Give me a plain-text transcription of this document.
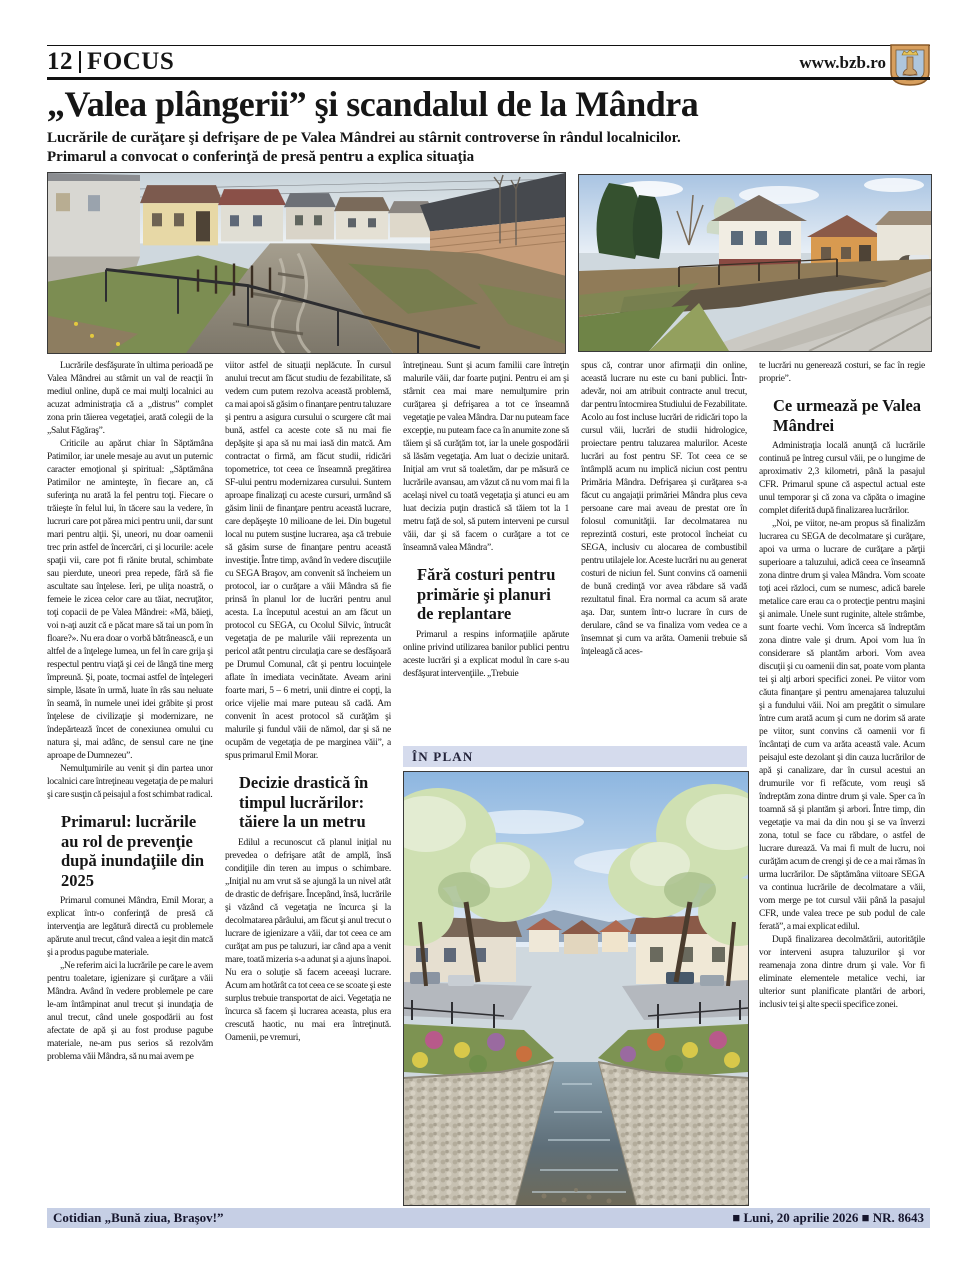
12 FOCUS	www.bzb.ro
„Valea plângerii” şi scandalul de la Mândra
Lucrările de curăţare şi defrişare de pe Valea Mândrei au stârnit controverse în rândul localnicilor.
Primarul a convocat o conferinţă de presă pentru a explica situaţia

Lucrările desfăşurate în ultima perioadă pe Valea Mândrei au stârnit un val de reacţii în mediul online, după ce mai mulţi localnici au acuzat administraţia că a „distrus” complet zona prin tăierea vegetaţiei, arată colegii de la „Salut Făgăraş”.

Criticile au apărut chiar în Săptămâna Patimilor, iar unele mesaje au avut un puternic caracter emoţional şi spiritual: „Săptămâna Patimilor ne aminteşte, în fiecare an, că suferinţa nu arată la fel pentru toţi. Fiecare o trăieşte în felul lui, în tăcere sau la vedere, în lucruri care pot părea mici pentru unii, dar sunt mari pentru alţii. Şi, uneori, nu doar oamenii trec prin astfel de încercări, ci şi locurile: acele spaţii vii, care pot fi rănite brutal, schimbate sau pierdute, uneori prea repede, fără să fie ascultate sau înţelese. Ieri, pe uliţa noastră, o femeie le zicea celor care au tăiat, necruţător, toţi copacii de pe Valea Mândrei: «Mă, băieţi, voi n-aţi auzit că e păcat mare să tai un pom în floare?». Nu era doar o vorbă bătrânească, e un altfel de a înţelege lumea, un fel în care grija şi respectul pentru viaţă şi cei de lângă tine merg împreună. Şi, poate, tocmai astfel de înţelegeri simple, lăsate în urmă, luate în râs sau neluate în seamă, în numele unei idei grăbite şi prost înţelese de civilizaţie şi modernizare, ne îndepărtează încet de conexiunea omului cu natura şi, mai adânc, de sensul care ne ţine aproape de Dumnezeu”.

Nemulţumirile au venit şi din partea unor localnici care întreţineau vegetaţia de pe maluri şi care susţin că peisajul a fost schimbat radical.

Primarul: lucrările au rol de prevenţie după inundaţiile din 2025

Primarul comunei Mândra, Emil Morar, a explicat într-o conferinţă de presă că intervenţia are legătură directă cu problemele apărute anul trecut, când valea a ieşit din matcă şi a produs pagube materiale.

„Ne referim aici la lucrările pe care le avem pentru toaletare, igienizare şi curăţare a văii Mândra. Având în vedere problemele pe care le-am întâmpinat anul trecut şi inundaţia de anul trecut, când unele gospodării au fost afectate de apă şi au fost produse pagube materiale, ne-am pus serios să rezolvăm problema văii Mândra, să nu mai avem pe

viitor astfel de situaţii neplăcute. În cursul anului trecut am făcut studiu de fezabilitate, să vedem cum putem rezolva această problemă, ca mai apoi să găsim o finanţare pentru taluzare şi pentru a asigura cursului o scurgere cât mai bună, astfel ca aceste cote să nu mai fie depăşite şi apa să nu mai iasă din matcă. Am contractat o firmă, am făcut studii, ridicări topometrice, tot ceea ce înseamnă pregătirea SF-ului pentru modernizarea cursului. Suntem aproape finalizaţi cu aceste cursuri, urmând să găsim linii de finanţare pentru această lucrare, care depăşeşte 10 milioane de lei. Din bugetul local nu putem susţine lucrarea, aşa că trebuie să găsim surse de finanţare pentru această investiţie. Între timp, având în vedere discuţiile cu SEGA Braşov, am convenit să încheiem un protocol, iar o curăţare a văii Mândra să fie prinsă în planul lor de lucrări pentru anul acesta. La începutul acestui an am făcut un protocol cu SEGA, cu Ocolul Silvic, întrucât vegetaţia de pe malurile văii reprezenta un pericol atât pentru circulaţia care se desfăşoară pe Drumul Comunal, cât şi pentru locuinţele aflate în imediata vecinătate. Aveam arini foarte mari, 5 – 6 metri, unii dintre ei copţi, la orice vijelie mai mare puteau să cadă. Am convenit în acest protocol să curăţăm şi malurile şi fundul văii de nămol, dar şi să ne ocupăm de vegetaţia de pe marginea văii”, a spus primarul Emil Morar.

Decizie drastică în timpul lucrărilor: tăiere la un metru

Edilul a recunoscut că planul iniţial nu prevedea o defrişare atât de amplă, însă condiţiile din teren au impus o schimbare. „Iniţial nu am vrut să se ajungă la un nivel atât de drastic de defrişare. Începând, însă, lucrările şi văzând că vegetaţia ne încurca şi la decolmatarea pârâului, am făcut şi anul trecut o lucrare de igienizare a văii, dar tot ceea ce am curăţat am pus pe taluzuri, iar când apa a venit mare, toată mizeria s-a adunat şi a ajuns înapoi. Nu era o soluţie să facem aceeaşi lucrare. Acum am hotărât ca tot ceea ce se scoate şi este surplus trebuie transportat de aici. Vegetaţia ne încurca să facem şi lucrarea aceasta, plus era crescută haotic, nu mai era întreţinută. Oamenii, pe vremuri,

întreţineau. Sunt şi acum familii care întreţin malurile văii, dar foarte puţini. Pentru ei am şi stârnit cea mai mare nemulţumire prin curăţarea şi defrişarea a tot ce înseamnă vegetaţie pe valea Mândra. Dar nu puteam face excepţie, nu puteam face ca în anumite zone să tăiem şi să curăţăm tot, iar la unele gospodării să lăsăm vegetaţia. Am luat o decizie unitară. Iniţial am vrut să toaletăm, dar pe măsură ce lucrările avansau, am văzut că nu vom mai fi la acelaşi nivel cu toată vegetaţia şi atunci eu am luat decizia puţin drastică să tăiem tot la 1 metru faţă de sol, să putem interveni pe cursul văii, dar şi să facem o curăţare a tot ce înseamnă valea Mândra”.

Fără costuri pentru primărie şi planuri de replantare

Primarul a respins informaţiile apărute online privind utilizarea banilor publici pentru aceste lucrări şi a explicat modul în care s-au desfăşurat intervenţiile. „Trebuie

spus că, contrar unor afirmaţii din online, această lucrare nu este cu bani publici. Într-adevăr, noi am atribuit contracte anul trecut, dar pentru întocmirea Studiului de Fezabilitate. Acolo au fost incluse lucrări de ridicări topo la cursul văii, lucrări de studii hidrologice, proiectare pentru taluzarea malurilor. Aceste lucrări au fost pentru SF. Tot ceea ce se întâmplă acum nu implică niciun cost pentru Primăria Mândra. Defrişarea şi curăţarea s-a făcut cu angajaţii primăriei Mândra plus ceva persoane care mai aveau de prestat ore în folosul comunităţii. Iar decolmatarea nu reprezintă costuri, este protocol încheiat cu SEGA, inclusiv cu alocarea de combustibil pentru utilajele lor. Aceste lucrări nu au generat costuri de niciun fel. Sunt convins că oamenii de bună credinţă vor avea răbdare să vadă rezultatul final. Era normal ca acum să arate aşa. Dar, suntem într-o lucrare în curs de derulare, când se va finaliza vom vedea ce a însemnat şi cum va arăta. Oamenii trebuie să înţeleagă că aces-

te lucrări nu generează costuri, se fac în regie proprie”.

Ce urmează pe Valea Mândrei

Administraţia locală anunţă că lucrările continuă pe întreg cursul văii, pe o lungime de aproximativ 2,3 kilometri, până la pasajul CFR. Primarul spune că aspectul actual este unul temporar şi că zona va căpăta o imagine complet diferită după finalizarea lucrărilor.

„Noi, pe viitor, ne-am propus să finalizăm lucrarea cu SEGA de decolmatare şi curăţare, apoi va urma o lucrare de curăţare a părţii superioare a taluzului, adică ceea ce înseamnă zona dintre drum şi valea Mândra. Vom scoate toţi acei răzloci, cum se numesc, adică barele metalice care erau ca o protecţie pentru maşini şi animale. Unele sunt ruginite, altele strâmbe, sunt foarte vechi. Vom încerca să îndreptăm zona dintre vale şi drum. Apoi vom lua în considerare să plantăm arbori. Vom avea discuţii şi cu oamenii din sat, poate vom planta tei şi alţi arbori specifici zonei. Pe viitor vom căuta finanţare şi pentru amenajarea taluzului şi a fundului văii. Noi am pregătit o simulare între cum arată acum şi cum ne dorim să arate pe viitor, sunt convins că oamenii vor fi încântaţi de cum va arăta această vale. Acum peisajul este dezolant şi din cauza lucrărilor de apă şi canalizare, dar în cursul acestui an drumurile vor fi refăcute, vom reuşi să îndreptăm zona dintre drum şi vale. Sper ca în toamnă să şi plantăm şi arbori. Între timp, din vegetaţie va mai da din nou şi se va înverzi zona, totul se face cu răbdare, o astfel de lucrare durează. Va mai fi mult de lucru, noi curăţăm acum de crengi şi de ce a mai rămas în urma lucrărilor. De săptămâna viitoare SEGA va continua lucrările de decolmatare a văii, vom merge pe tot cursul văii până la pasajul CFR, unde valea trece pe sub podul de cale ferată”, a mai explicat edilul.

După finalizarea decolmătării, autorităţile vor interveni asupra taluzurilor şi vor reamenaja zona dintre drum şi vale. Vor fi eliminate elementele metalice vechi, iar ulterior sunt planificate plantări de arbori, inclusiv tei şi alte specii specifice zonei.

ÎN PLAN
Cotidian „Bună ziua, Braşov!”	■ Luni, 20 aprilie 2026 ■ NR. 8643
